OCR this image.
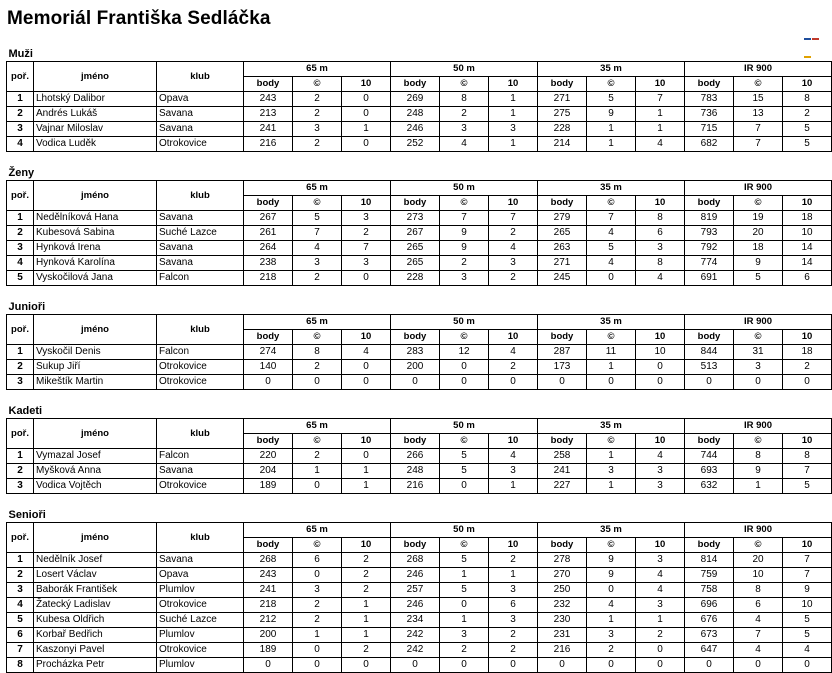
Memoriál Františka Sedláčka
Muži														
poř.	jméno	klub	65 m			50 m			35 m			IR 900		
			body	©	10	body	©	10	body	©	10	body	©	10
1	Lhotský Dalibor	Opava	243	2	0	269	8	1	271	5	7	783	15	8
2	Andrés Lukáš	Savana	213	2	0	248	2	1	275	9	1	736	13	2
3	Vajnar Miloslav	Savana	241	3	1	246	3	3	228	1	1	715	7	5
4	Vodica Luděk	Otrokovice	216	2	0	252	4	1	214	1	4	682	7	5

Ženy														
poř.	jméno	klub	65 m			50 m			35 m			IR 900		
			body	©	10	body	©	10	body	©	10	body	©	10
1	Nedělníková Hana	Savana	267	5	3	273	7	7	279	7	8	819	19	18
2	Kubesová Sabina	Suché Lazce	261	7	2	267	9	2	265	4	6	793	20	10
3	Hynková Irena	Savana	264	4	7	265	9	4	263	5	3	792	18	14
4	Hynková Karolína	Savana	238	3	3	265	2	3	271	4	8	774	9	14
5	Vyskočilová Jana	Falcon	218	2	0	228	3	2	245	0	4	691	5	6

Junioři														
poř.	jméno	klub	65 m			50 m			35 m			IR 900		
			body	©	10	body	©	10	body	©	10	body	©	10
1	Vyskočil Denis	Falcon	274	8	4	283	12	4	287	11	10	844	31	18
2	Sukup Jiří	Otrokovice	140	2	0	200	0	2	173	1	0	513	3	2
3	Mikeštík Martin	Otrokovice	0	0	0	0	0	0	0	0	0	0	0	0

Kadeti														
poř.	jméno	klub	65 m			50 m			35 m			IR 900		
			body	©	10	body	©	10	body	©	10	body	©	10
1	Vymazal Josef	Falcon	220	2	0	266	5	4	258	1	4	744	8	8
2	Myšková Anna	Savana	204	1	1	248	5	3	241	3	3	693	9	7
3	Vodica Vojtěch	Otrokovice	189	0	1	216	0	1	227	1	3	632	1	5

Senioři														
poř.	jméno	klub	65 m			50 m			35 m			IR 900		
			body	©	10	body	©	10	body	©	10	body	©	10
1	Nedělník Josef	Savana	268	6	2	268	5	2	278	9	3	814	20	7
2	Losert Václav	Opava	243	0	2	246	1	1	270	9	4	759	10	7
3	Baborák František	Plumlov	241	3	2	257	5	3	250	0	4	758	8	9
4	Žatecký Ladislav	Otrokovice	218	2	1	246	0	6	232	4	3	696	6	10
5	Kubesa Oldřich	Suché Lazce	212	2	1	234	1	3	230	1	1	676	4	5
6	Korbař Bedřich	Plumlov	200	1	1	242	3	2	231	3	2	673	7	5
7	Kaszonyi Pavel	Otrokovice	189	0	2	242	2	2	216	2	0	647	4	4
8	Procházka Petr	Plumlov	0	0	0	0	0	0	0	0	0	0	0	0
